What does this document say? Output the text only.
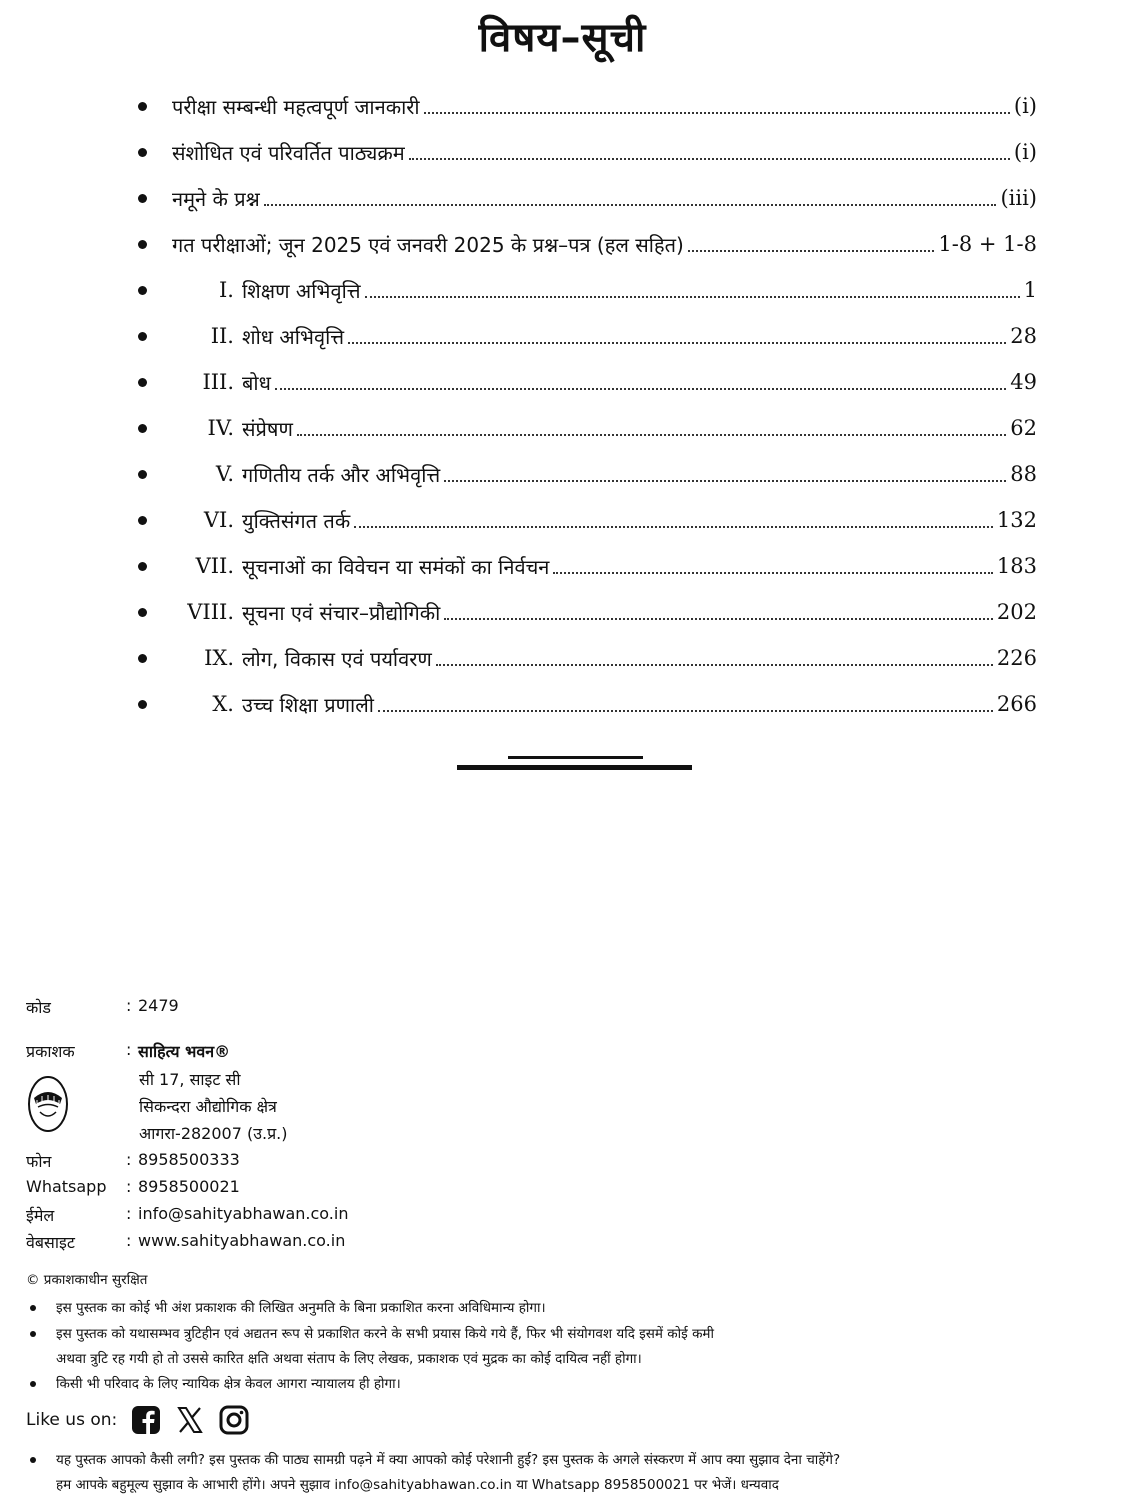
विषय–सूची
परीक्षा सम्बन्धी महत्वपूर्ण जानकारी	(i)
संशोधित एवं परिवर्तित पाठ्यक्रम	(i)
नमूने के प्रश्न	(iii)
गत परीक्षाओं; जून 2025 एवं जनवरी 2025 के प्रश्न–पत्र (हल सहित)	1-8 + 1-8
I. शिक्षण अभिवृत्ति	1
II. शोध अभिवृत्ति	28
III. बोध	49
IV. संप्रेषण	62
V. गणितीय तर्क और अभिवृत्ति	88
VI. युक्तिसंगत तर्क	132
VII. सूचनाओं का विवेचन या समंकों का निर्वचन	183
VIII. सूचना एवं संचार–प्रौद्योगिकी	202
IX. लोग, विकास एवं पर्यावरण	226
X. उच्च शिक्षा प्रणाली	266
कोड	: 2479
प्रकाशक	: साहित्य भवन®
सी 17, साइट सी
सिकन्दरा औद्योगिक क्षेत्र
आगरा-282007 (उ.प्र.)
फोन	: 8958500333
Whatsapp	: 8958500021
ईमेल	: info@sahityabhawan.co.in
वेबसाइट	: www.sahityabhawan.co.in
© प्रकाशकाधीन सुरक्षित
इस पुस्तक का कोई भी अंश प्रकाशक की लिखित अनुमति के बिना प्रकाशित करना अविधिमान्य होगा।
इस पुस्तक को यथासम्भव त्रुटिहीन एवं अद्यतन रूप से प्रकाशित करने के सभी प्रयास किये गये हैं, फिर भी संयोगवश यदि इसमें कोई कमी
अथवा त्रुटि रह गयी हो तो उससे कारित क्षति अथवा संताप के लिए लेखक, प्रकाशक एवं मुद्रक का कोई दायित्व नहीं होगा।
किसी भी परिवाद के लिए न्यायिक क्षेत्र केवल आगरा न्यायालय ही होगा।
Like us on:
यह पुस्तक आपको कैसी लगी? इस पुस्तक की पाठ्य सामग्री पढ़ने में क्या आपको कोई परेशानी हुई? इस पुस्तक के अगले संस्करण में आप क्या सुझाव देना चाहेंगे?
हम आपके बहुमूल्य सुझाव के आभारी होंगे। अपने सुझाव info@sahityabhawan.co.in या Whatsapp 8958500021 पर भेजें। धन्यवाद
